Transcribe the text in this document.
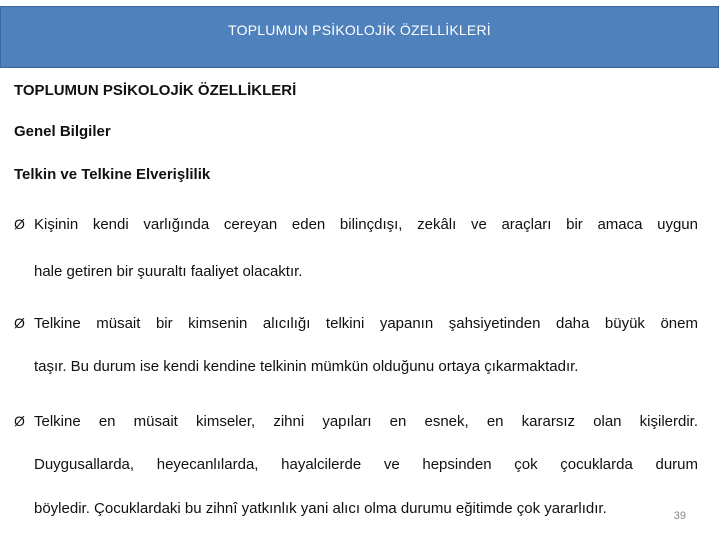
TOPLUMUN PSİKOLOJİK ÖZELLİKLERİ
TOPLUMUN PSİKOLOJİK ÖZELLİKLERİ
Genel Bilgiler
Telkin ve Telkine Elverişlilik
Ø Kişinin kendi varlığında cereyan eden bilinçdışı, zekâlı ve araçları bir amaca uygun
hale getiren bir şuuraltı faaliyet olacaktır.
Ø Telkine müsait bir kimsenin alıcılığı telkini yapanın şahsiyetinden daha büyük önem
taşır. Bu durum ise kendi kendine telkinin mümkün olduğunu ortaya çıkarmaktadır.
Ø Telkine en müsait kimseler, zihni yapıları en esnek, en kararsız olan kişilerdir.
Duygusallarda, heyecanlılarda, hayalcilerde ve hepsinden çok çocuklarda durum
böyledir. Çocuklardaki bu zihnî yatkınlık yani alıcı olma durumu eğitimde çok yararlıdır.	39
